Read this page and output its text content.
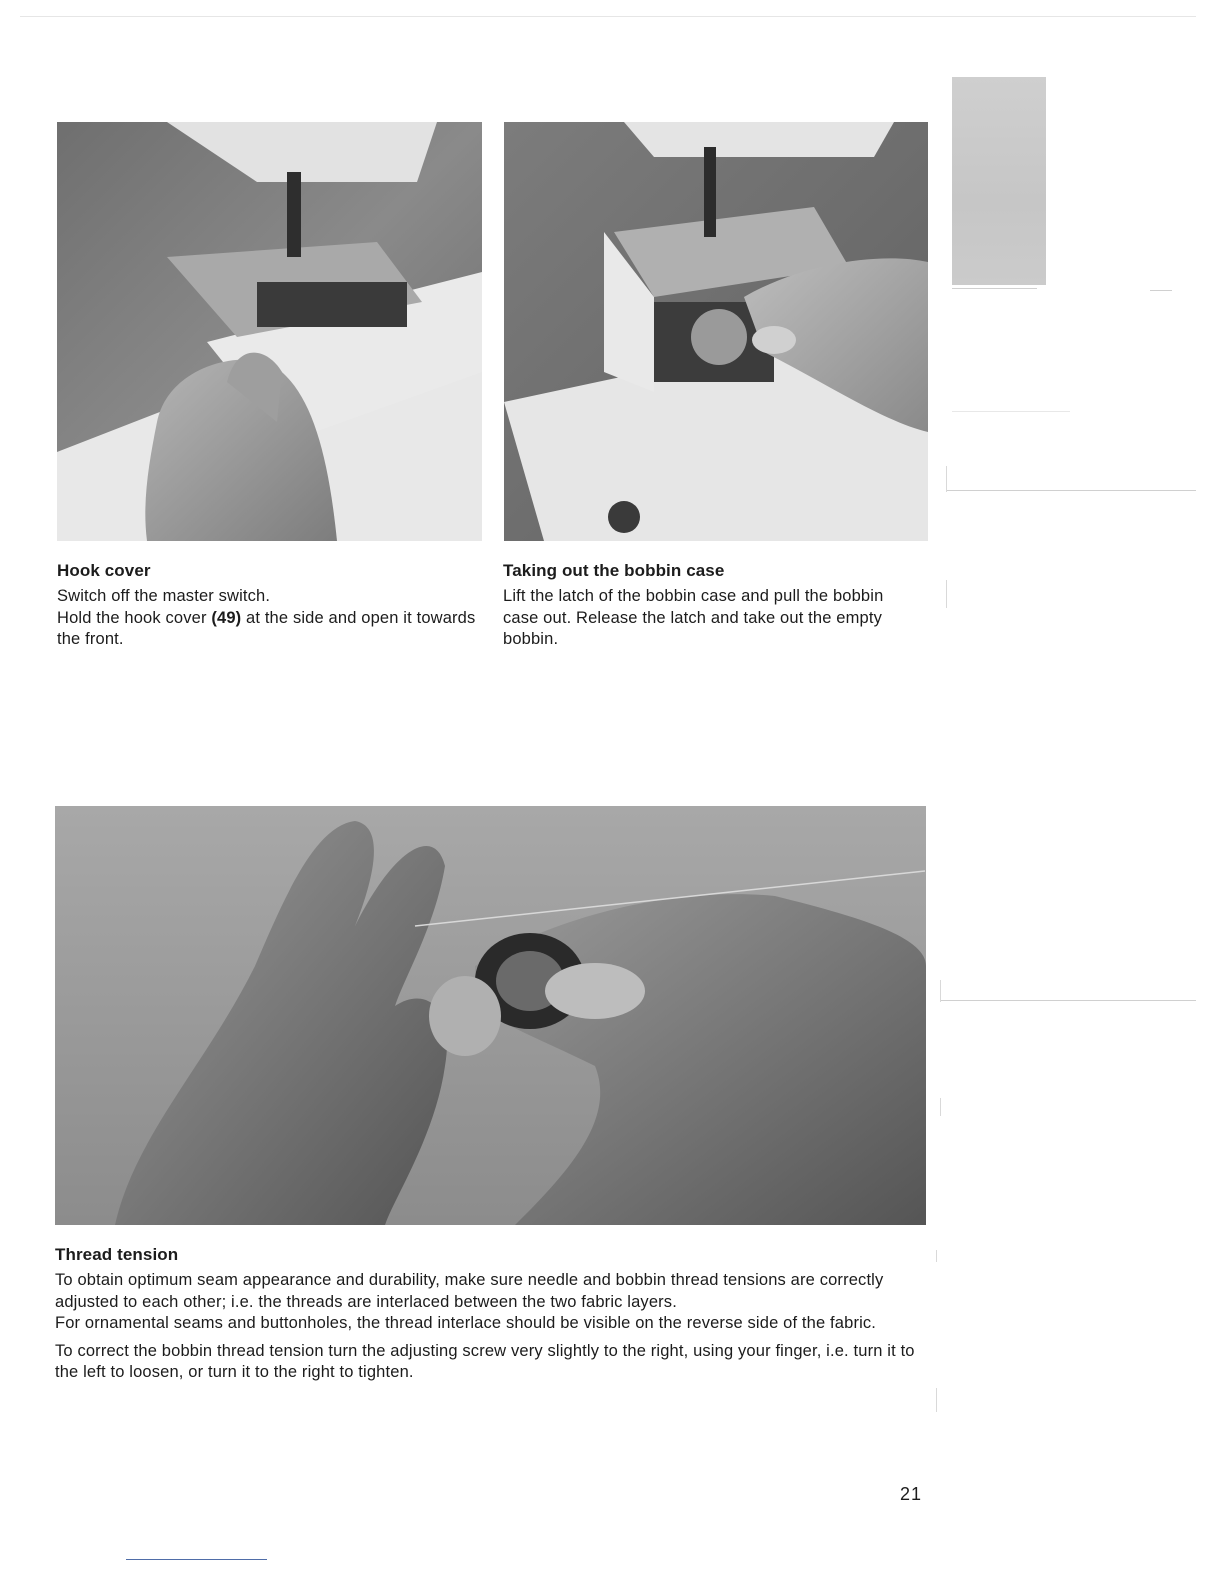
Hook cover

Switch off the master switch.

Hold the hook cover (49) at the side and open it towards the front.

Taking out the bobbin case

Lift the latch of the bobbin case and pull the bobbin case out. Release the latch and take out the empty bobbin.

Thread tension

To obtain optimum seam appearance and durability, make sure needle and bobbin thread tensions are correctly adjusted to each other; i.e. the threads are interlaced between the two fabric layers.

For ornamental seams and buttonholes, the thread interlace should be visible on the reverse side of the fabric.

To correct the bobbin thread tension turn the adjusting screw very slightly to the right, using your finger, i.e. turn it to the left to loosen, or turn it to the right to tighten.

21
